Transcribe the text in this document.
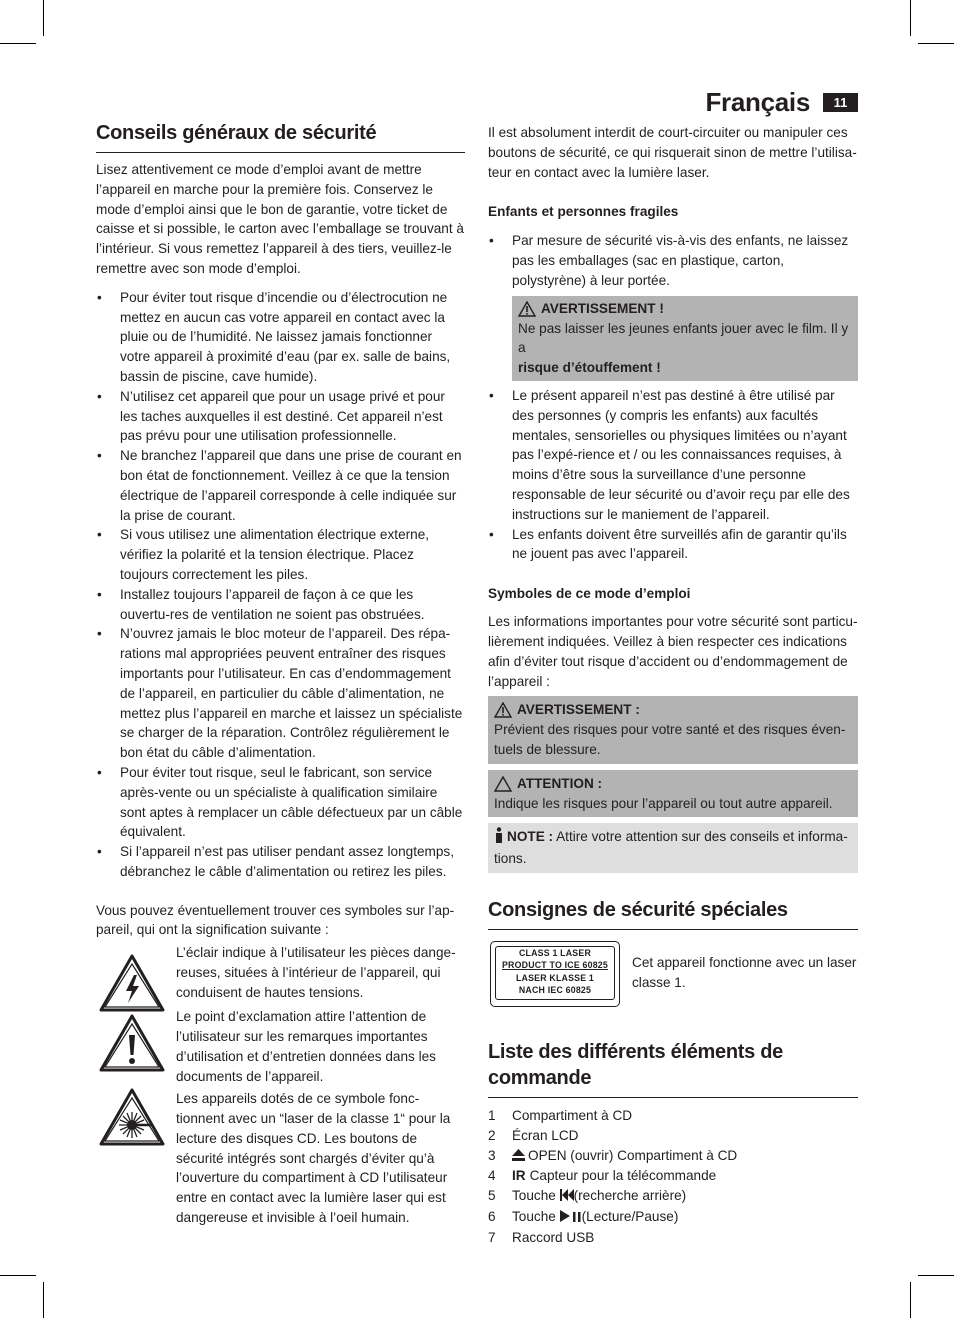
Français	11
Conseils généraux de sécurité

Lisez attentivement ce mode d’emploi avant de mettre l’appareil en marche pour la première fois. Conservez le mode d’emploi ainsi que le bon de garantie, votre ticket de caisse et si possible, le carton avec l’emballage se trouvant à l’intérieur. Si vous remettez l’appareil à des tiers, veuillez-le remettre avec son mode d’emploi.

• Pour éviter tout risque d’incendie ou d’électrocution ne mettez en aucun cas votre appareil en contact avec la pluie ou de l’humidité. Ne laissez jamais fonctionner votre appareil à proximité d’eau (par ex. salle de bains, bassin de piscine, cave humide).
• N’utilisez cet appareil que pour un usage privé et pour les taches auxquelles il est destiné. Cet appareil n’est pas prévu pour une utilisation professionnelle.
• Ne branchez l’appareil que dans une prise de courant en bon état de fonctionnement. Veillez à ce que la tension électrique de l’appareil corresponde à celle indiquée sur la prise de courant.
• Si vous utilisez une alimentation électrique externe, vérifiez la polarité et la tension électrique. Placez toujours correctement les piles.
• Installez toujours l’appareil de façon à ce que les ouvertu-res de ventilation ne soient pas obstruées.
• N’ouvrez jamais le bloc moteur de l’appareil. Des répa-rations mal appropriées peuvent entraîner des risques importants pour l’utilisateur. En cas d’endommagement de l’appareil, en particulier du câble d’alimentation, ne mettez plus l’appareil en marche et laissez un spécialiste se charger de la réparation. Contrôlez régulièrement le bon état du câble d’alimentation.
• Pour éviter tout risque, seul le fabricant, son service après-vente ou un spécialiste à qualification similaire sont aptes à remplacer un câble défectueux par un câble équivalent.
• Si l’appareil n’est pas utiliser pendant assez longtemps, débranchez le câble d’alimentation ou retirez les piles.

Vous pouvez éventuellement trouver ces symboles sur l’ap-pareil, qui ont la signification suivante :

L’éclair indique à l’utilisateur les pièces dange-reuses, situées à l’intérieur de l’appareil, qui conduisent de hautes tensions.
Le point d’exclamation attire l’attention de l’utilisateur sur les remarques importantes d’utilisation et d’entretien données dans les documents de l’appareil.
Les appareils dotés de ce symbole fonc-tionnent avec un “laser de la classe 1“ pour la lecture des disques CD. Les boutons de sécurité intégrés sont chargés d’éviter qu’à l’ouverture du compartiment à CD l’utilisateur entre en contact avec la lumière laser qui est dangereuse et invisible à l’oeil humain.

Il est absolument interdit de court-circuiter ou manipuler ces boutons de sécurité, ce qui risquerait sinon de mettre l’utilisa-teur en contact avec la lumière laser.

Enfants et personnes fragiles
• Par mesure de sécurité vis-à-vis des enfants, ne laissez pas les emballages (sac en plastique, carton, polystyrène) à leur portée.
AVERTISSEMENT !
Ne pas laisser les jeunes enfants jouer avec le film. Il y a
risque d’étouffement !
• Le présent appareil n’est pas destiné à être utilisé par des personnes (y compris les enfants) aux facultés mentales, sensorielles ou physiques limitées ou n’ayant pas l’expé-rience et / ou les connaissances requises, à moins d’être sous la surveillance d’une personne responsable de leur sécurité ou d’avoir reçu par elle des instructions sur le maniement de l’appareil.
• Les enfants doivent être surveillés afin de garantir qu’ils ne jouent pas avec l’appareil.
Symboles de ce mode d’emploi

Les informations importantes pour votre sécurité sont particu-lièrement indiquées. Veillez à bien respecter ces indications afin d’éviter tout risque d’accident ou d’endommagement de l’appareil :

AVERTISSEMENT :
Prévient des risques pour votre santé et des risques éven-tuels de blessure.
ATTENTION :
Indique les risques pour l’appareil ou tout autre appareil.
NOTE : Attire votre attention sur des conseils et informa-tions.
Consignes de sécurité spéciales
CLASS 1 LASER
PRODUCT TO ICE 60825
LASER KLASSE 1
NACH IEC 60825
Cet appareil fonctionne avec un laser classe 1.
Liste des différents éléments de commande
1 Compartiment à CD
2 Écran LCD
3 OPEN (ouvrir) Compartiment à CD
4 IR Capteur pour la télécommande
5 Touche (recherche arrière)
6 Touche (Lecture/Pause)
7 Raccord USB
